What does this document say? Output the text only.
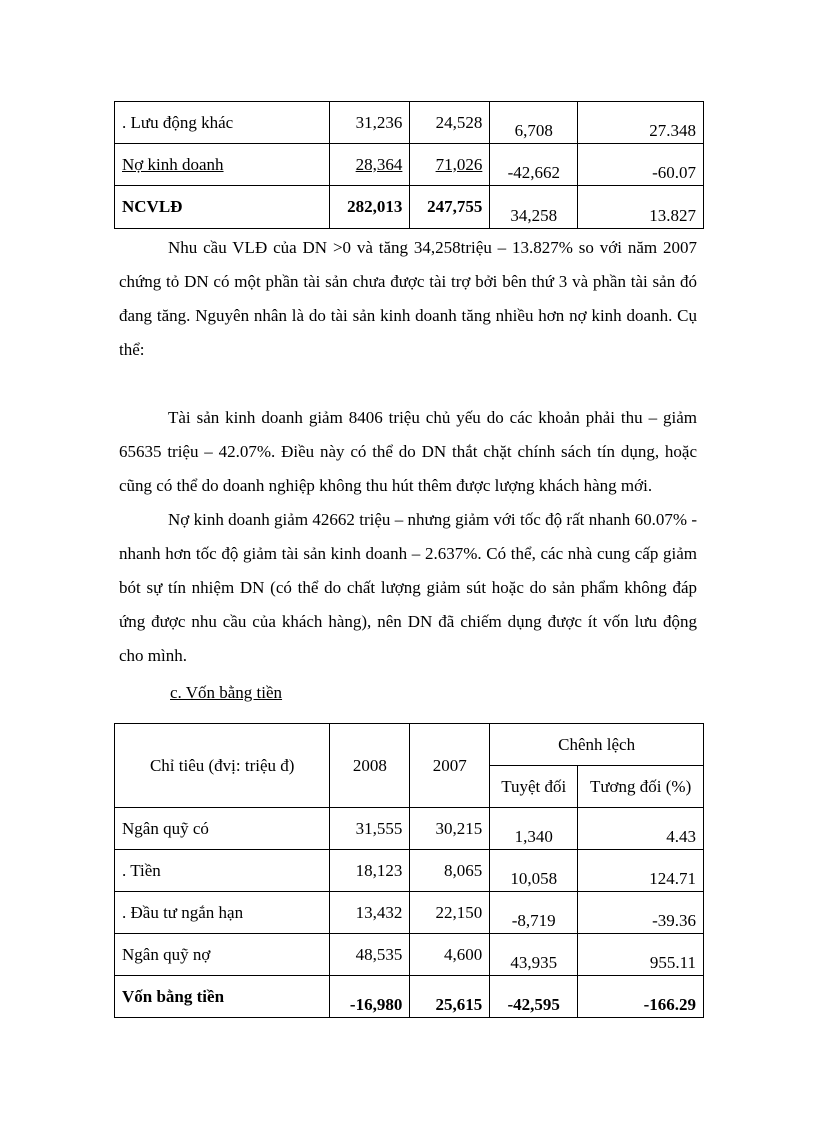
. Lưu động khác	31,236	24,528	6,708	27.348
Nợ kinh doanh	28,364	71,026	-42,662	-60.07
NCVLĐ	282,013	247,755	34,258	13.827

Nhu cầu VLĐ của DN >0 và tăng 34,258triệu – 13.827% so với năm 2007 chứng tỏ DN có một phần tài sản chưa được tài trợ bởi bên thứ 3 và phần tài sản đó đang tăng. Nguyên nhân là do tài sản kinh doanh tăng nhiều hơn nợ kinh doanh. Cụ thể:

Tài sản kinh doanh giảm 8406 triệu chủ yếu do các khoản phải thu – giảm 65635 triệu – 42.07%. Điều này có thể do DN thắt chặt chính sách tín dụng, hoặc cũng có thể do doanh nghiệp không thu hút thêm được lượng khách hàng mới.

Nợ kinh doanh giảm 42662 triệu – nhưng giảm với tốc độ rất nhanh 60.07% - nhanh hơn tốc độ giảm tài sản kinh doanh – 2.637%. Có thể, các nhà cung cấp giảm bót sự tín nhiệm DN (có thể do chất lượng giảm sút hoặc do sản phẩm không đáp ứng được nhu cầu của khách hàng), nên DN đã chiếm dụng được ít vốn lưu động cho mình.

c. Vốn bằng tiền

Chỉ tiêu (đvị: triệu đ)	2008	2007	Chênh lệch	
			Tuyệt đối	Tương đối (%)
Ngân quỹ có	31,555	30,215	1,340	4.43
. Tiền	18,123	8,065	10,058	124.71
. Đầu tư ngắn hạn	13,432	22,150	-8,719	-39.36
Ngân quỹ nợ	48,535	4,600	43,935	955.11
Vốn bằng tiền	-16,980	25,615	-42,595	-166.29
